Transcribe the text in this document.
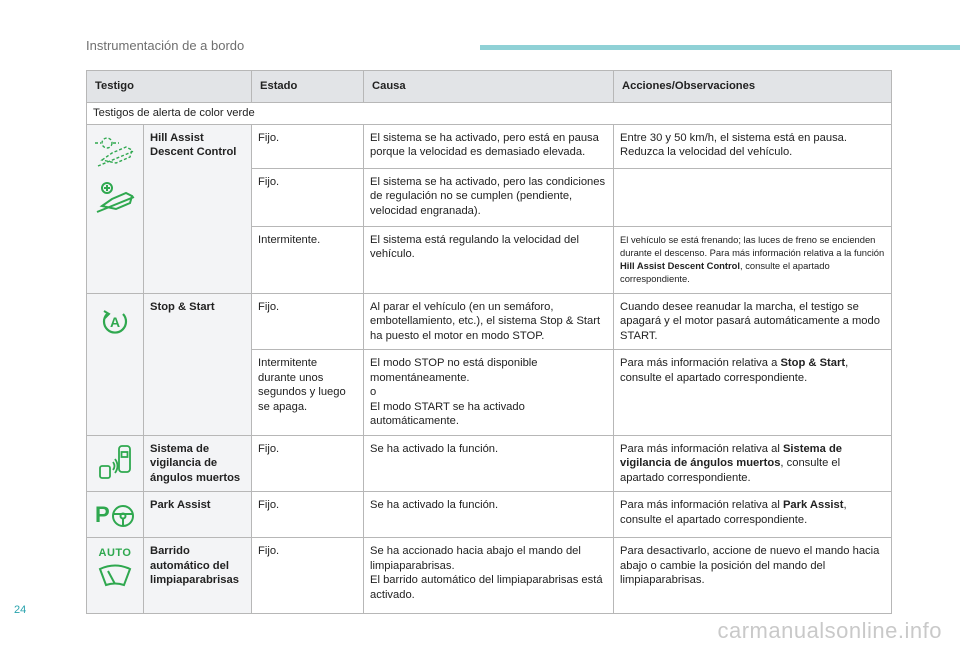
Instrumentación de a bordo
Testigo		Estado	Causa	Acciones/Observaciones
Testigos de alerta de color verde				

	Hill Assist Descent Control	Fijo.	El sistema se ha activado, pero está en pausa porque la velocidad es demasiado elevada.	Entre 30 y 50 km/h, el sistema está en pausa. Reduzca la velocidad del vehículo.
		Fijo.	El sistema se ha activado, pero las condiciones de regulación no se cumplen (pendiente, velocidad engranada).	
		Intermitente.	El sistema está regulando la velocidad del vehículo.	El vehículo se está frenando; las luces de freno se encienden durante el descenso. Para más información relativa a la función Hill Assist Descent Control, consulte el apartado correspondiente.

A	Stop & Start	Fijo.	Al parar el vehículo (en un semáforo, embotellamiento, etc.), el sistema Stop & Start ha puesto el motor en modo STOP.	Cuando desee reanudar la marcha, el testigo se apagará y el motor pasará automáticamente a modo START.
		Intermitente durante unos segundos y luego se apaga.	El modo STOP no está disponible momentáneamente.
o
El modo START se ha activado automáticamente.	Para más información relativa a Stop & Start, consulte el apartado correspondiente.

	Sistema de vigilancia de ángulos muertos	Fijo.	Se ha activado la función.	Para más información relativa al Sistema de vigilancia de ángulos muertos, consulte el apartado correspondiente.

P	Park Assist	Fijo.	Se ha activado la función.	Para más información relativa al Park Assist, consulte el apartado correspondiente.

AUTO	Barrido automático del limpiaparabrisas	Fijo.	Se ha accionado hacia abajo el mando del limpiaparabrisas.
El barrido automático del limpiaparabrisas está activado.	Para desactivarlo, accione de nuevo el mando hacia abajo o cambie la posición del mando del limpiaparabrisas.
24
carmanualsonline.info
